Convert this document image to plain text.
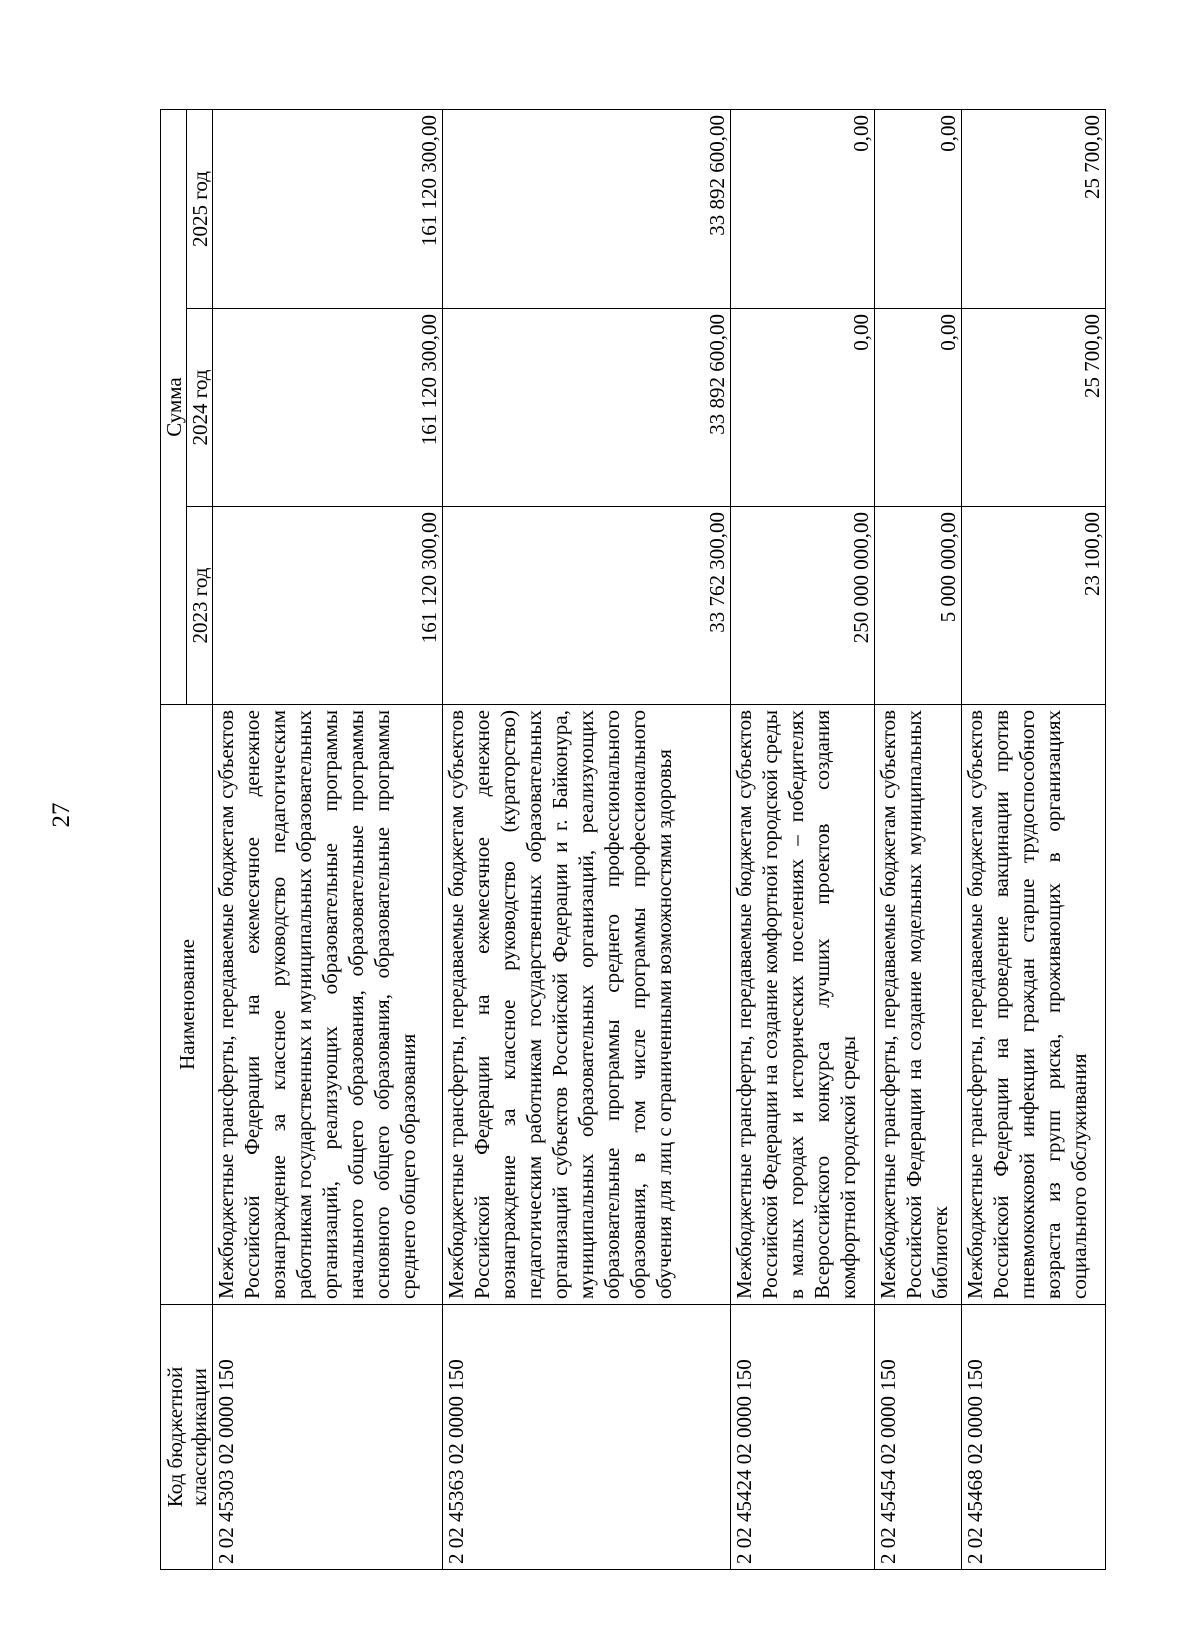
27
Код бюджетной классификации	Наименование	Сумма		
		2023 год	2024 год	2025 год
2 02 45303 02 0000 150	Межбюджетные трансферты, передаваемые бюджетам субъектов Российской Федерации на ежемесячное денежное вознаграждение за классное руководство педагогическим работникам государственных и муниципальных образовательных организаций, реализующих образовательные программы начального общего образования, образовательные программы основного общего образования, образовательные программы среднего общего образования	161 120 300,00	161 120 300,00	161 120 300,00
2 02 45363 02 0000 150	Межбюджетные трансферты, передаваемые бюджетам субъектов Российской Федерации на ежемесячное денежное вознаграждение за классное руководство (кураторство) педагогическим работникам государственных образовательных организаций субъектов Российской Федерации и г. Байконура, муниципальных образовательных организаций, реализующих образовательные программы среднего профессионального образования, в том числе программы профессионального обучения для лиц с ограниченными возможностями здоровья	33 762 300,00	33 892 600,00	33 892 600,00
2 02 45424 02 0000 150	Межбюджетные трансферты, передаваемые бюджетам субъектов Российской Федерации на создание комфортной городской среды в малых городах и исторических поселениях – победителях Всероссийского конкурса лучших проектов создания комфортной городской среды	250 000 000,00	0,00	0,00
2 02 45454 02 0000 150	Межбюджетные трансферты, передаваемые бюджетам субъектов Российской Федерации на создание модельных муниципальных библиотек	5 000 000,00	0,00	0,00
2 02 45468 02 0000 150	Межбюджетные трансферты, передаваемые бюджетам субъектов Российской Федерации на проведение вакцинации против пневмококковой инфекции граждан старше трудоспособного возраста из групп риска, проживающих в организациях социального обслуживания	23 100,00	25 700,00	25 700,00
